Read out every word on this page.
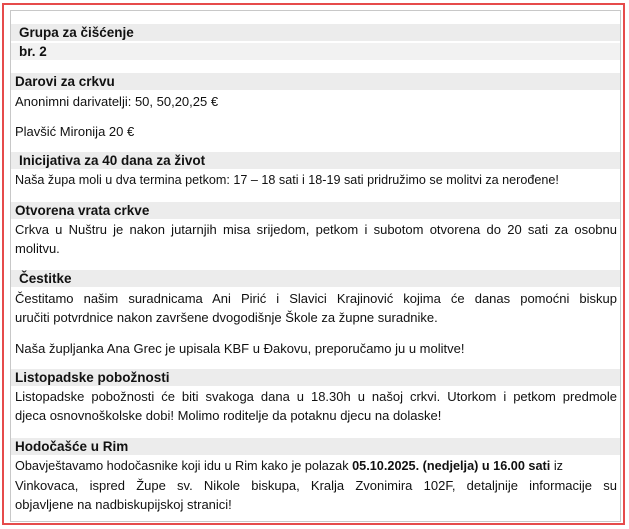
Grupa za čišćenje
br. 2
Darovi za crkvu
Anonimni darivatelji: 50, 50,20,25 €
Plavšić Mironija 20 €
Inicijativa za 40 dana za život
Naša župa moli u dva termina petkom: 17 – 18 sati i 18-19 sati pridružimo se molitvi za nerođene!
Otvorena vrata crkve
Crkva u Nuštru je nakon jutarnjih misa srijedom, petkom i subotom otvorena do 20 sati za osobnu
molitvu.
Čestitke
Čestitamo našim suradnicama Ani Pirić i Slavici Krajinović kojima će danas pomoćni biskup
uručiti potvrdnice nakon završene dvogodišnje Škole za župne suradnike.
Naša župljanka Ana Grec je upisala KBF u Đakovu, preporučamo ju u molitve!
Listopadske pobožnosti
Listopadske pobožnosti će biti svakoga dana u 18.30h u našoj crkvi. Utorkom i petkom predmole
djeca osnovnoškolske dobi! Molimo roditelje da potaknu djecu na dolaske!
Hodočašće u Rim
Obavještavamo hodočasnike koji idu u Rim kako je polazak 05.10.2025. (nedjelja) u 16.00 sati iz
Vinkovaca, ispred Župe sv. Nikole biskupa, Kralja Zvonimira 102F, detaljnije informacije su
objavljene na nadbiskupijskoj stranici!
